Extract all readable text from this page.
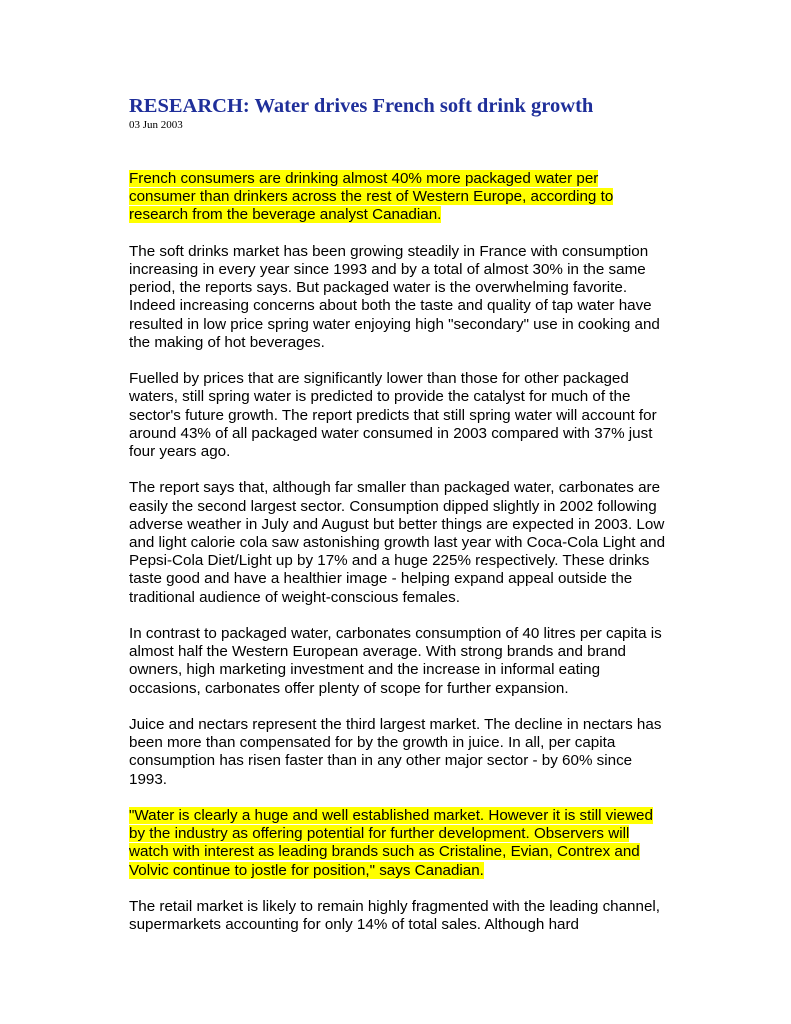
RESEARCH: Water drives French soft drink growth
03 Jun 2003

French consumers are drinking almost 40% more packaged water per consumer than drinkers across the rest of Western Europe, according to research from the beverage analyst Canadian.

The soft drinks market has been growing steadily in France with consumption increasing in every year since 1993 and by a total of almost 30% in the same period, the reports says. But packaged water is the overwhelming favorite. Indeed increasing concerns about both the taste and quality of tap water have resulted in low price spring water enjoying high "secondary" use in cooking and the making of hot beverages.

Fuelled by prices that are significantly lower than those for other packaged waters, still spring water is predicted to provide the catalyst for much of the sector's future growth. The report predicts that still spring water will account for around 43% of all packaged water consumed in 2003 compared with 37% just four years ago.

The report says that, although far smaller than packaged water, carbonates are easily the second largest sector. Consumption dipped slightly in 2002 following adverse weather in July and August but better things are expected in 2003. Low and light calorie cola saw astonishing growth last year with Coca-Cola Light and Pepsi-Cola Diet/Light up by 17% and a huge 225% respectively. These drinks taste good and have a healthier image - helping expand appeal outside the traditional audience of weight-conscious females.

In contrast to packaged water, carbonates consumption of 40 litres per capita is almost half the Western European average. With strong brands and brand owners, high marketing investment and the increase in informal eating occasions, carbonates offer plenty of scope for further expansion.

Juice and nectars represent the third largest market. The decline in nectars has been more than compensated for by the growth in juice. In all, per capita consumption has risen faster than in any other major sector - by 60% since 1993.

"Water is clearly a huge and well established market. However it is still viewed by the industry as offering potential for further development. Observers will watch with interest as leading brands such as Cristaline, Evian, Contrex and Volvic continue to jostle for position," says Canadian.

The retail market is likely to remain highly fragmented with the leading channel, supermarkets accounting for only 14% of total sales. Although hard
